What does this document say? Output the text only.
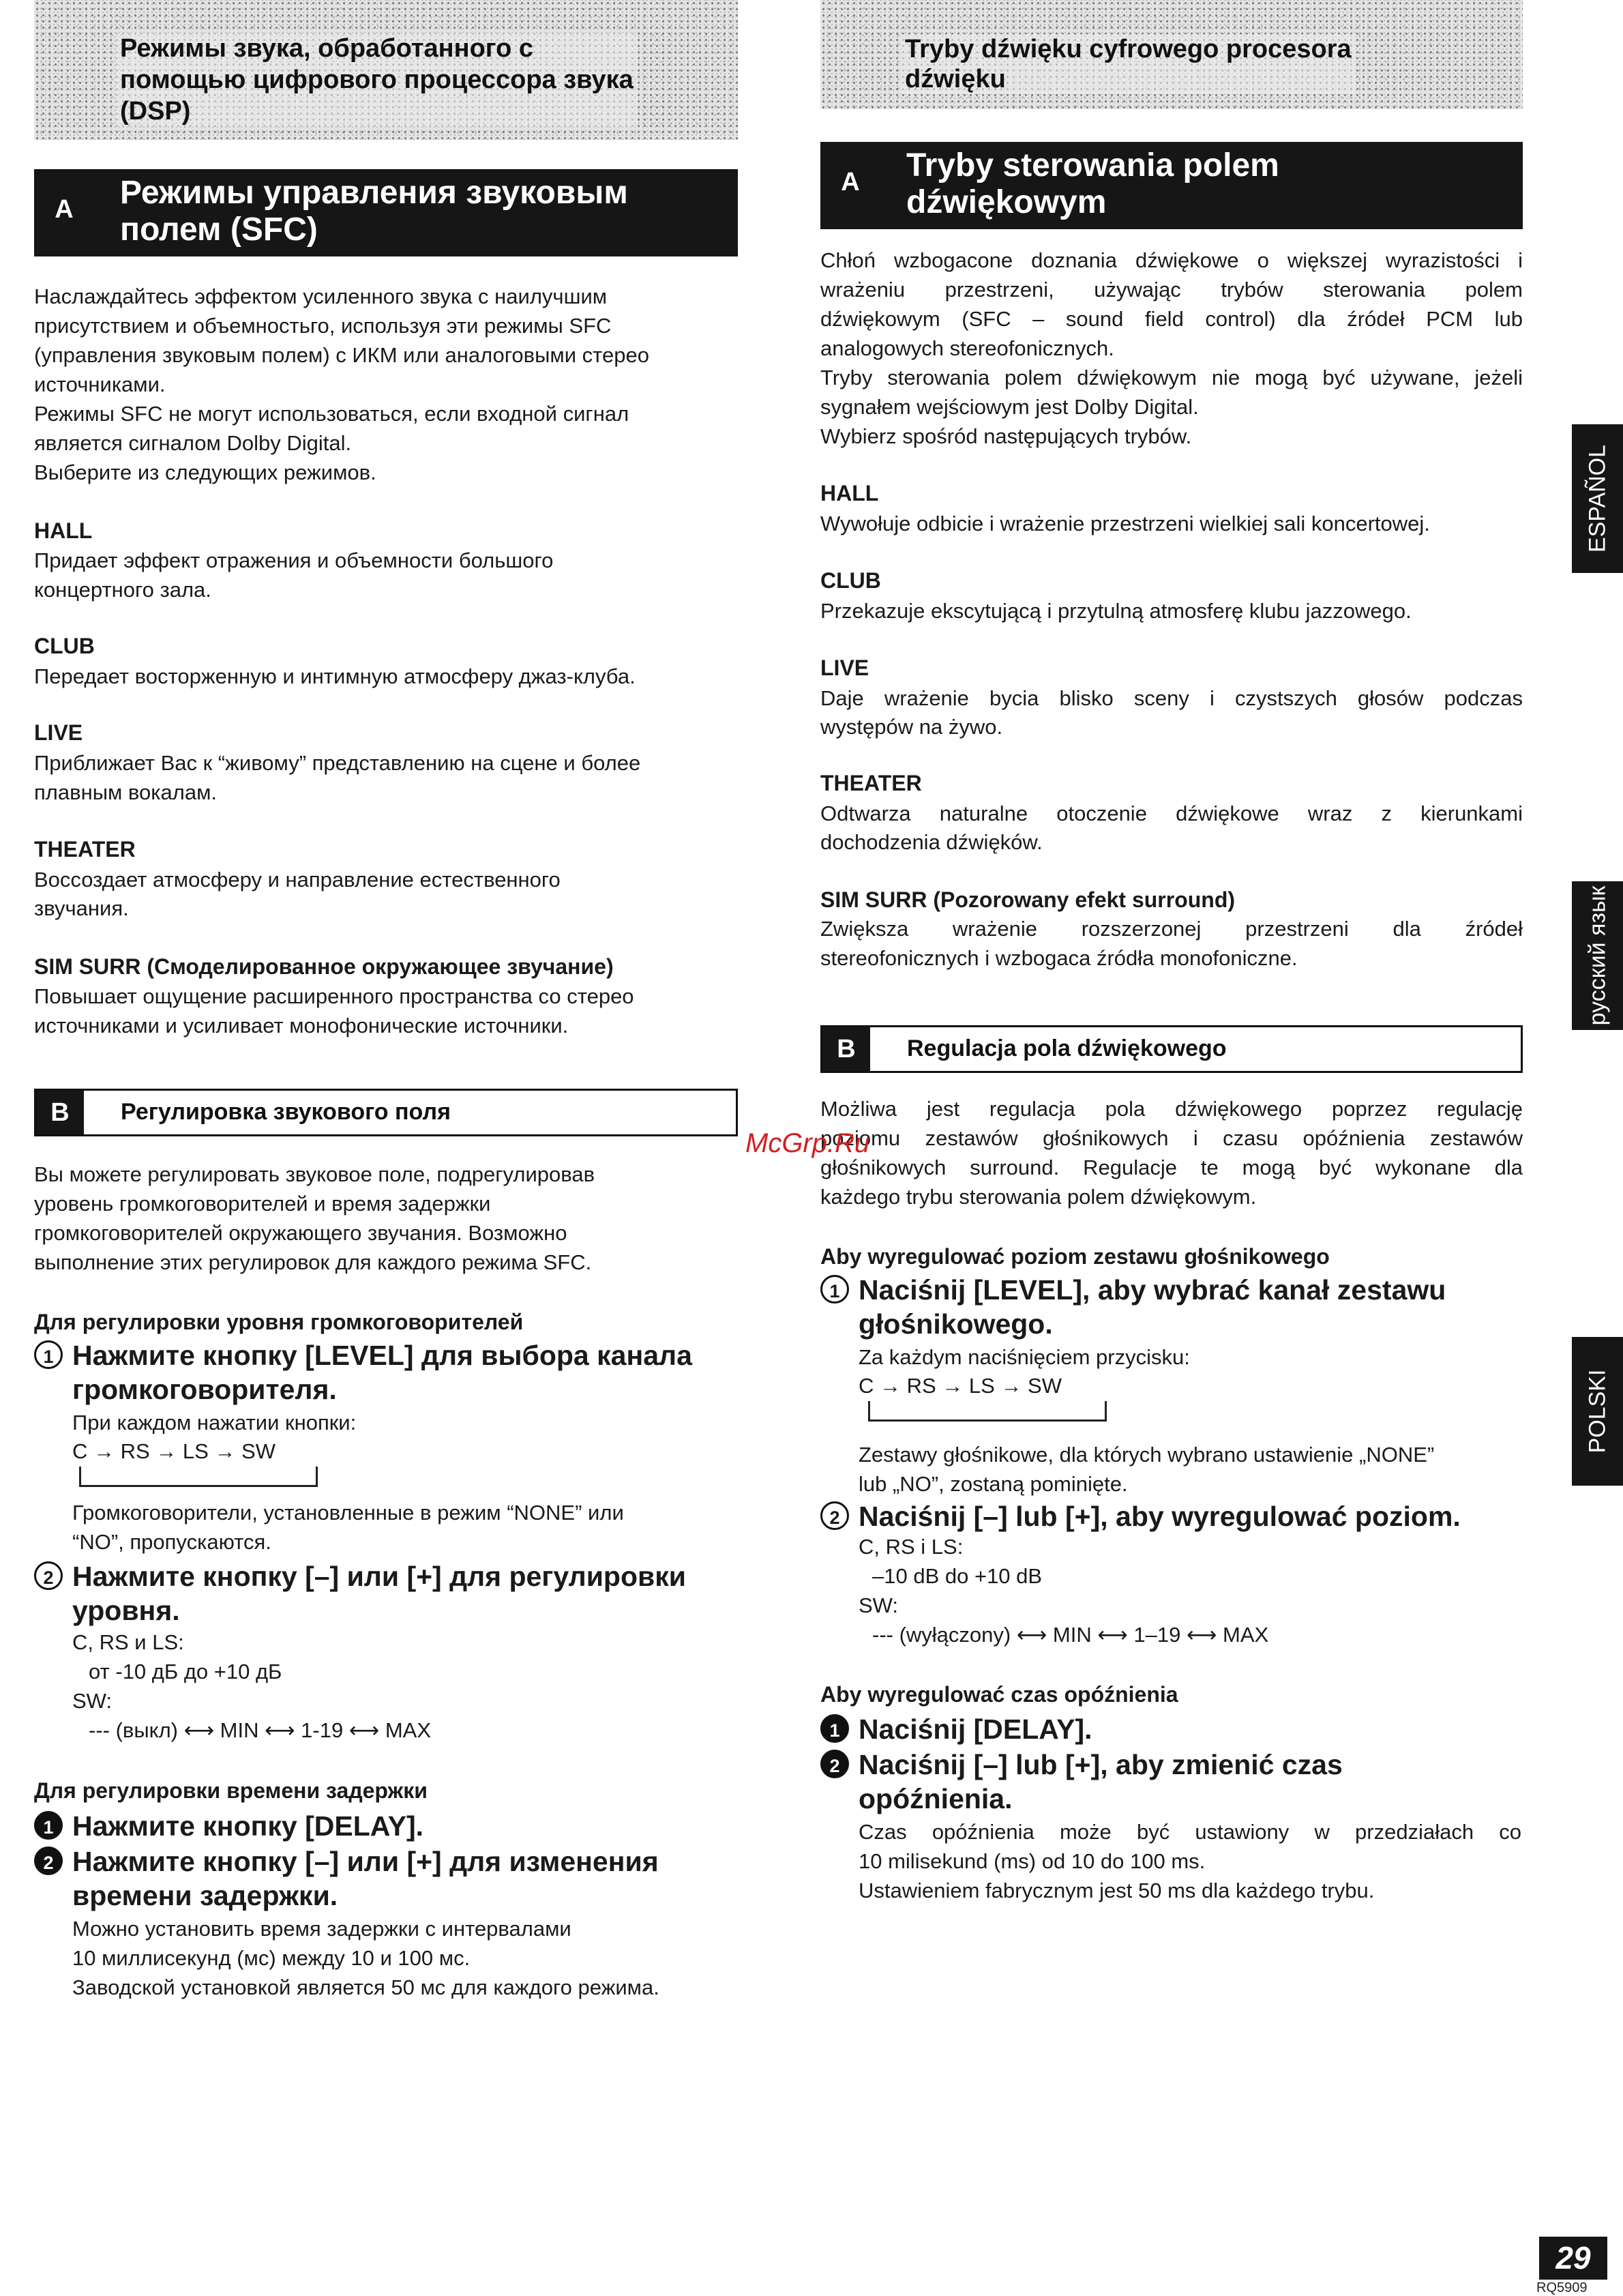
Режимы звука, обработанного с
помощью цифрового процессора звука
(DSP)
A Режимы управления звуковым
полем (SFC)
Наслаждайтесь эффектом усиленного звука с наилучшим
присутствием и объемностьго, используя эти режимы SFC
(управления звуковым полем) с ИКМ или аналоговыми стерео
источниками.
Режимы SFC не могут использоваться, если входной сигнал
является сигналом Dolby Digital.
Выберите из следующих режимов.
HALL
Придает эффект отражения и объемности большого
концертного зала.
CLUB
Передает восторженную и интимную атмосферу джаз-клуба.
LIVE
Приближает Вас к “живому” представлению на сцене и более
плавным вокалам.
THEATER
Воссоздает атмосферу и направление естественного
звучания.
SIM SURR (Смоделированное окружающее звучание)
Повышает ощущение расширенного пространства со стерео
источниками и усиливает монофонические источники.
B	Регулировка звукового поля
Вы можете регулировать звуковое поле, подрегулировав
уровень громкоговорителей и время задержки
громкоговорителей окружающего звучания. Возможно
выполнение этих регулировок для каждого режима SFC.
Для регулировки уровня громкоговорителей
1 Нажмите кнопку [LEVEL] для выбора канала
громкоговорителя.
При каждом нажатии кнопки:
C → RS → LS → SW
Громкоговорители, установленные в режим “NONE” или
“NO”, пропускаются.
2 Нажмите кнопку [–] или [+] для регулировки
уровня.
C, RS и LS:
от -10 дБ до +10 дБ
SW:
--- (выкл) ⟷ MIN ⟷ 1-19 ⟷ MAX
Для регулировки времени задержки
1 Нажмите кнопку [DELAY].
2 Нажмите кнопку [–] или [+] для изменения
времени задержки.
Можно установить время задержки с интервалами
10 миллисекунд (мс) между 10 и 100 мс.
Заводской установкой является 50 мс для каждого режима.
Tryby dźwięku cyfrowego procesora
dźwięku
A Tryby sterowania polem
dźwiękowym
Chłoń wzbogacone doznania dźwiękowe o większej wyrazistości i
wrażeniu przestrzeni, używając trybów sterowania polem
dźwiękowym (SFC – sound field control) dla źródeł PCM lub
analogowych stereofonicznych.
Tryby sterowania polem dźwiękowym nie mogą być używane, jeżeli
sygnałem wejściowym jest Dolby Digital.
Wybierz spośród następujących trybów.
HALL
Wywołuje odbicie i wrażenie przestrzeni wielkiej sali koncertowej.
CLUB
Przekazuje ekscytującą i przytulną atmosferę klubu jazzowego.
LIVE
Daje wrażenie bycia blisko sceny i czystszych głosów podczas
występów na żywo.
THEATER
Odtwarza naturalne otoczenie dźwiękowe wraz z kierunkami
dochodzenia dźwięków.
SIM SURR (Pozorowany efekt surround)
Zwiększa wrażenie rozszerzonej przestrzeni dla źródeł
stereofonicznych i wzbogaca źródła monofoniczne.
B	Regulacja pola dźwiękowego
Możliwa jest regulacja pola dźwiękowego poprzez regulację
poziomu zestawów głośnikowych i czasu opóźnienia zestawów
głośnikowych surround. Regulacje te mogą być wykonane dla
każdego trybu sterowania polem dźwiękowym.
Aby wyregulować poziom zestawu głośnikowego
1 Naciśnij [LEVEL], aby wybrać kanał zestawu
głośnikowego.
Za każdym naciśnięciem przycisku:
C → RS → LS → SW
Zestawy głośnikowe, dla których wybrano ustawienie „NONE”
lub „NO”, zostaną pominięte.
2 Naciśnij [–] lub [+], aby wyregulować poziom.
C, RS i LS:
–10 dB do +10 dB
SW:
--- (wyłączony) ⟷ MIN ⟷ 1–19 ⟷ MAX
Aby wyregulować czas opóźnienia
1 Naciśnij [DELAY].
2 Naciśnij [–] lub [+], aby zmienić czas
opóźnienia.
Czas opóźnienia może być ustawiony w przedziałach co
10 milisekund (ms) od 10 do 100 ms.
Ustawieniem fabrycznym jest 50 ms dla każdego trybu.
ESPAÑOL
русский язык
POLSKI
McGrp.Ru
29
RQ5909
